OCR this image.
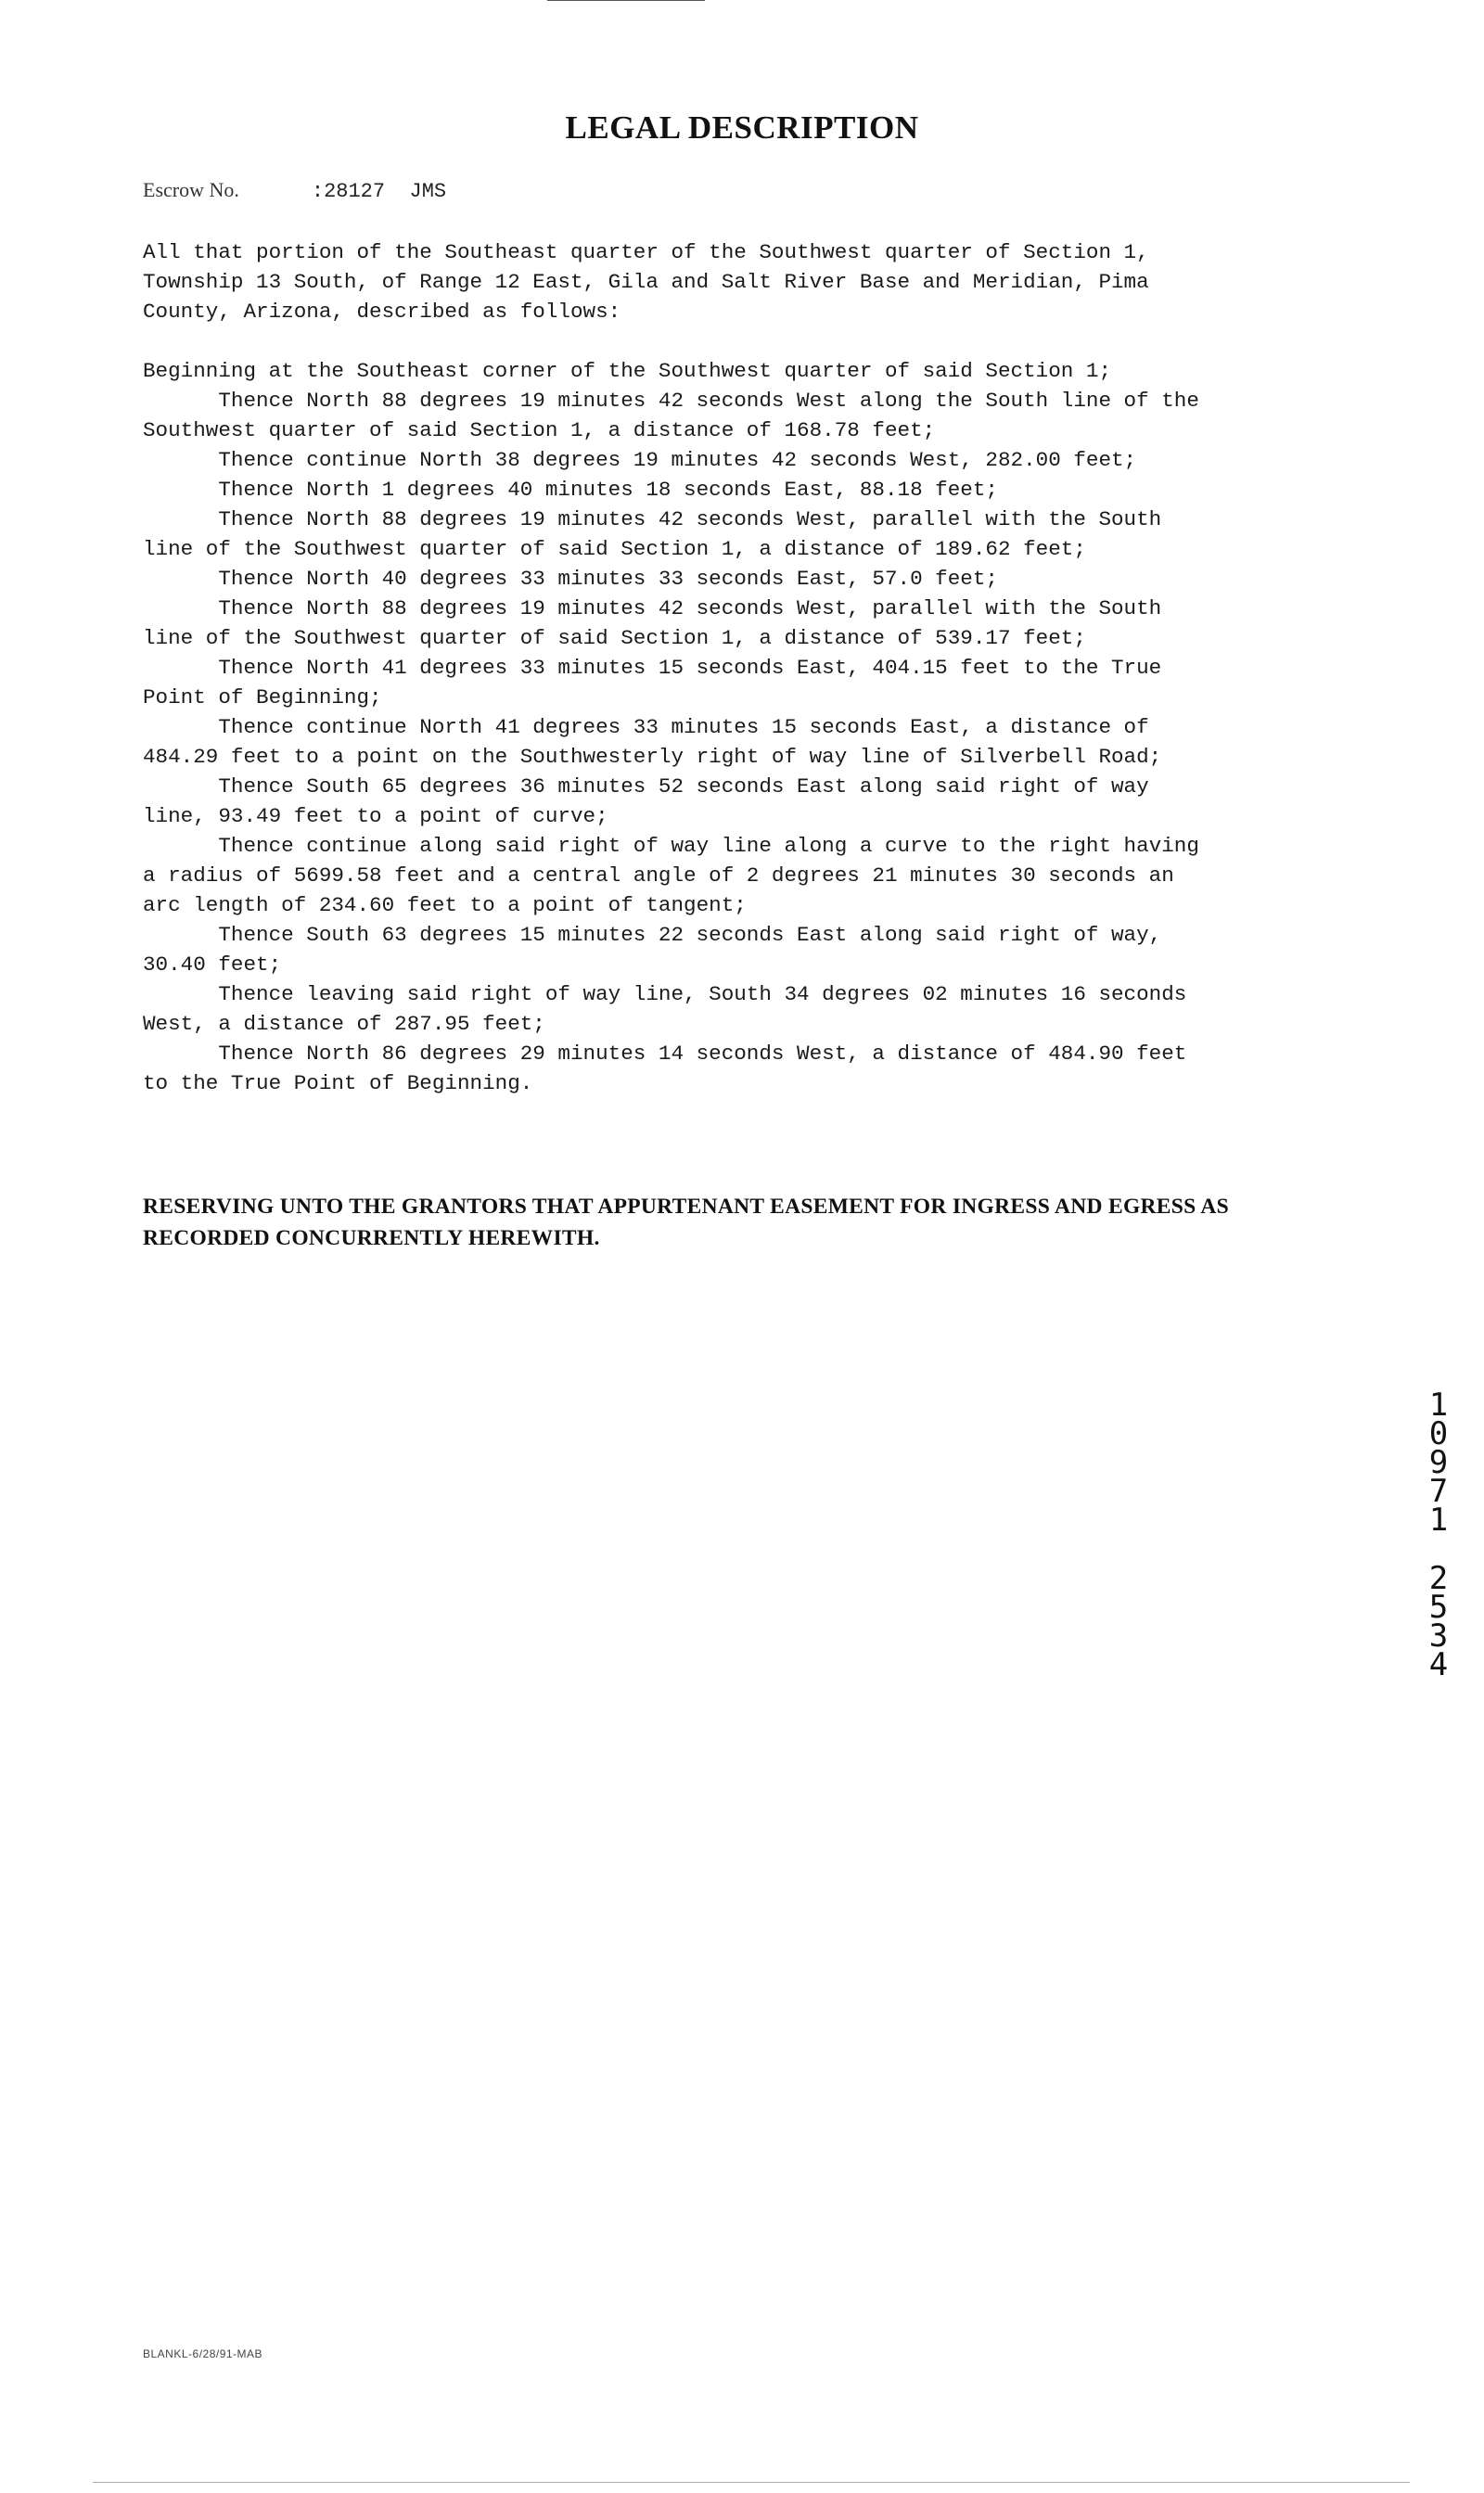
LEGAL DESCRIPTION
Escrow No.	:28127  JMS
All that portion of the Southeast quarter of the Southwest quarter of Section 1,
Township 13 South, of Range 12 East, Gila and Salt River Base and Meridian, Pima
County, Arizona, described as follows:
Beginning at the Southeast corner of the Southwest quarter of said Section 1;
Thence North 88 degrees 19 minutes 42 seconds West along the South line of the
Southwest quarter of said Section 1, a distance of 168.78 feet;
Thence continue North 38 degrees 19 minutes 42 seconds West, 282.00 feet;
Thence North 1 degrees 40 minutes 18 seconds East, 88.18 feet;
Thence North 88 degrees 19 minutes 42 seconds West, parallel with the South
line of the Southwest quarter of said Section 1, a distance of 189.62 feet;
Thence North 40 degrees 33 minutes 33 seconds East, 57.0 feet;
Thence North 88 degrees 19 minutes 42 seconds West, parallel with the South
line of the Southwest quarter of said Section 1, a distance of 539.17 feet;
Thence North 41 degrees 33 minutes 15 seconds East, 404.15 feet to the True
Point of Beginning;
Thence continue North 41 degrees 33 minutes 15 seconds East, a distance of
484.29 feet to a point on the Southwesterly right of way line of Silverbell Road;
Thence South 65 degrees 36 minutes 52 seconds East along said right of way
line, 93.49 feet to a point of curve;
Thence continue along said right of way line along a curve to the right having
a radius of 5699.58 feet and a central angle of 2 degrees 21 minutes 30 seconds an
arc length of 234.60 feet to a point of tangent;
Thence South 63 degrees 15 minutes 22 seconds East along said right of way,
30.40 feet;
Thence leaving said right of way line, South 34 degrees 02 minutes 16 seconds
West, a distance of 287.95 feet;
Thence North 86 degrees 29 minutes 14 seconds West, a distance of 484.90 feet
to the True Point of Beginning.
RESERVING UNTO THE GRANTORS THAT APPURTENANT EASEMENT FOR INGRESS AND EGRESS AS
RECORDED CONCURRENTLY HEREWITH.
1
0
9
7
1
2
5
3
4
BLANKL-6/28/91-MAB
